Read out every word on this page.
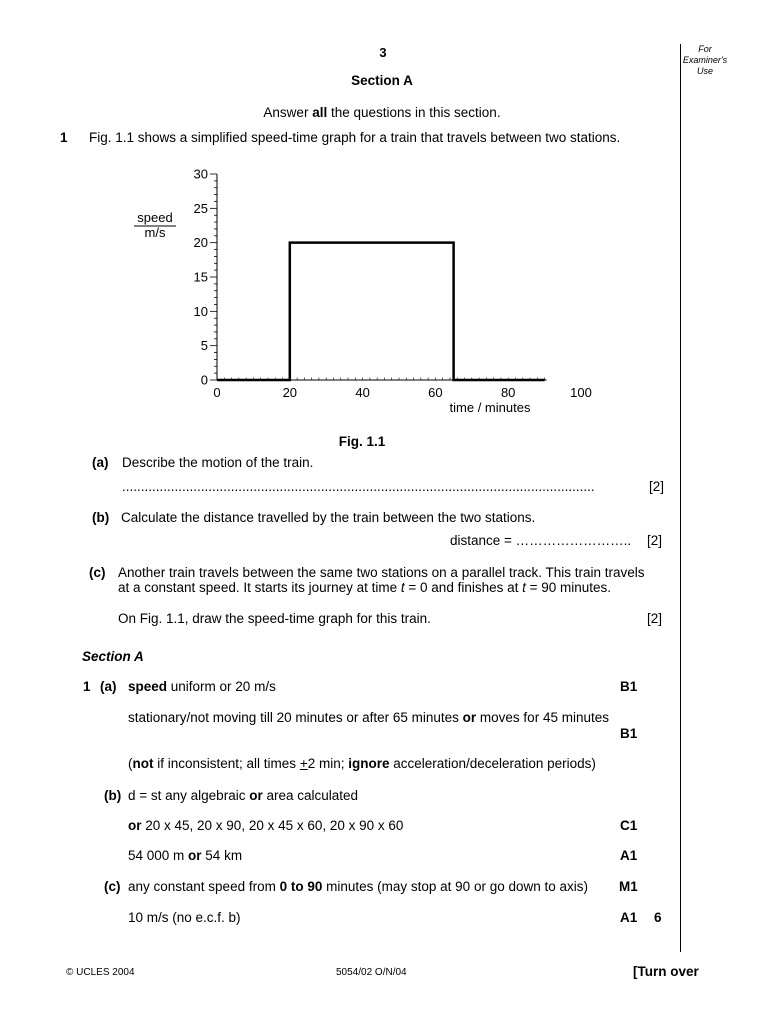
3
Section A
Answer all the questions in this section.
For Examiner's Use
1 Fig. 1.1 shows a simplified speed-time graph for a train that travels between two stations.
0
5
10
15
20
25
30
0	20	40	60	80	100
time / minutes
speed
m/s
Fig. 1.1
(a) Describe the motion of the train.
..............................................................................................................................	[2]
(b) Calculate the distance travelled by the train between the two stations.
distance = …………………….. [2]
(c) Another train travels between the same two stations on a parallel track. This train travels
at a constant speed. It starts its journey at time t = 0 and finishes at t = 90 minutes.
On Fig. 1.1, draw the speed-time graph for this train.	[2]
Section A
1 (a) speed uniform or 20 m/s	B1
stationary/not moving till 20 minutes or after 65 minutes or moves for 45 minutes
B1
(not if inconsistent; all times +2 min; ignore acceleration/deceleration periods)
(b) d = st any algebraic or area calculated
or 20 x 45, 20 x 90, 20 x 45 x 60, 20 x 90 x 60	C1
54 000 m or 54 km	A1
(c) any constant speed from 0 to 90 minutes (may stop at 90 or go down to axis) M1
10 m/s (no e.c.f. b)	A1 6
© UCLES 2004	5054/02 O/N/04	[Turn over
